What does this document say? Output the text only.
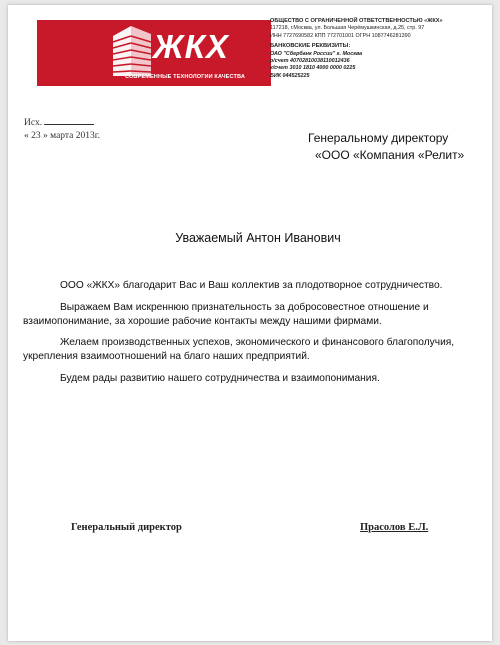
ЖКХ
СОВРЕМЕННЫЕ ТЕХНОЛОГИИ КАЧЕСТВА
ОБЩЕСТВО С ОГРАНИЧЕННОЙ ОТВЕТСТВЕННОСТЬЮ «ЖКХ»
117218, г.Москва, ул. Большая Черёмушкинская, д.25, стр. 97
ИНН 7727690582 КПП 772701001 ОГРН 1087746281390
БАНКОВСКИЕ РЕКВИЗИТЫ:
ОАО "Сбербанк России" г. Москва
р/счет 40702810038110012436
к/счет 3010 1810 4000 0000 0225
БИК 044525225
Исх.
« 23 » марта 2013г.	Генеральному директору
«ООО «Компания «Релит»
Уважаемый Антон Иванович

ООО «ЖКХ» благодарит Вас и Ваш коллектив за плодотворное сотрудничество.

Выражаем Вам искреннюю признательность за добросовестное отношение и взаимопонимание, за хорошие рабочие контакты между нашими фирмами.

Желаем производственных успехов, экономического и финансового благополучия, укрепления взаимоотношений на благо наших предприятий.

Будем рады развитию нашего сотрудничества и взаимопонимания.

Генеральный директор	Прасолов Е.Л.
